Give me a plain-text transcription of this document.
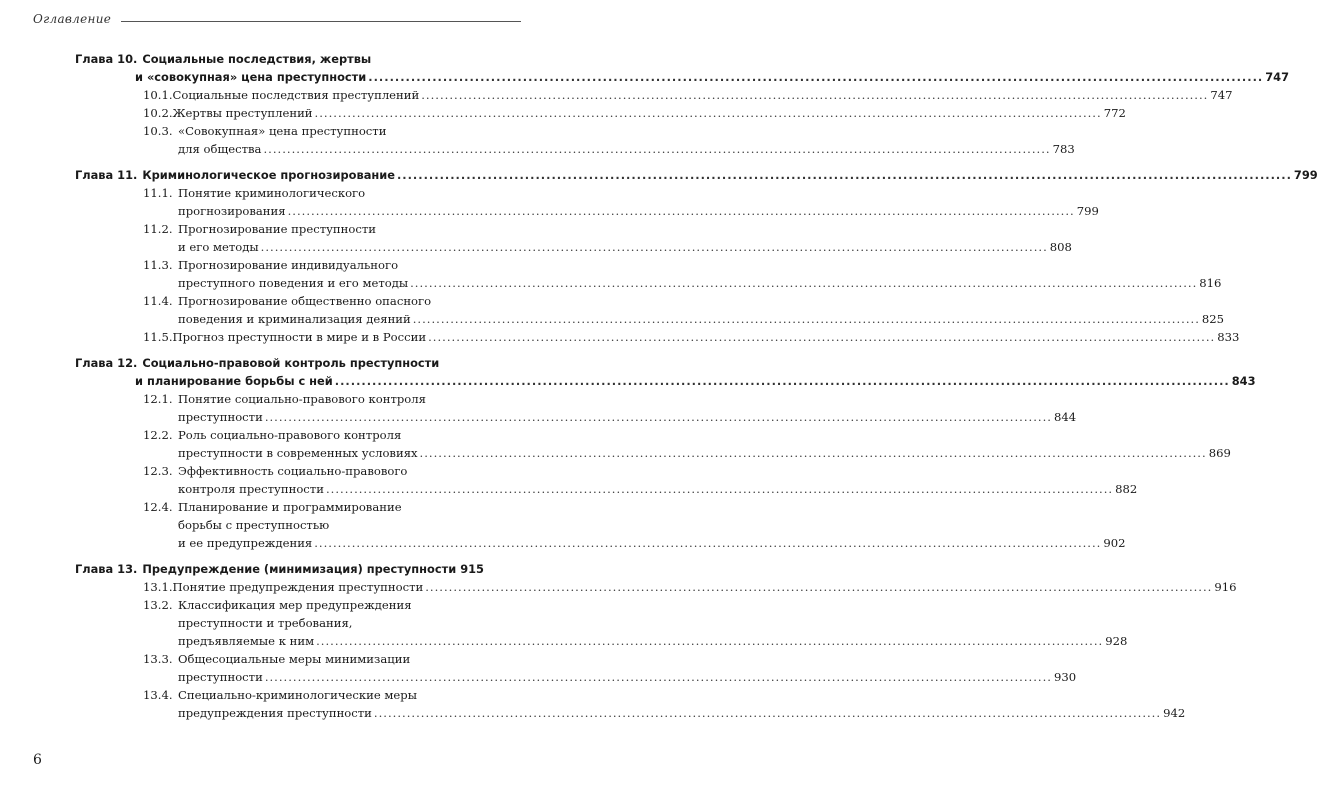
Оглавление
Глава 10. Социальные последствия, жертвы
и «совокупная» цена преступности .....	747
10.1. Социальные последствия преступлений .....	747
10.2. Жертвы преступлений .....	772
10.3. «Совокупная» цена преступности
для общества .....	783
Глава 11. Криминологическое прогнозирование .....	799
11.1. Понятие криминологического
прогнозирования .....	799
11.2. Прогнозирование преступности
и его методы .....	808
11.3. Прогнозирование индивидуального
преступного поведения и его методы .....	816
11.4. Прогнозирование общественно опасного
поведения и криминализация деяний .....	825
11.5. Прогноз преступности в мире и в России .....	833
Глава 12. Социально-правовой контроль преступности
и планирование борьбы с ней .....	843
12.1. Понятие социально-правового контроля
преступности .....	844
12.2. Роль социально-правового контроля
преступности в современных условиях .....	869
12.3. Эффективность социально-правового
контроля преступности .....	882
12.4. Планирование и программирование
борьбы с преступностью
и ее предупреждения .....	902
Глава 13. Предупреждение (минимизация) преступности 915
13.1. Понятие предупреждения преступности .....	916
13.2. Классификация мер предупреждения
преступности и требования,
предъявляемые к ним .....	928
13.3. Общесоциальные меры минимизации
преступности .....	930
13.4. Специально-криминологические меры
предупреждения преступности .....	942
6
